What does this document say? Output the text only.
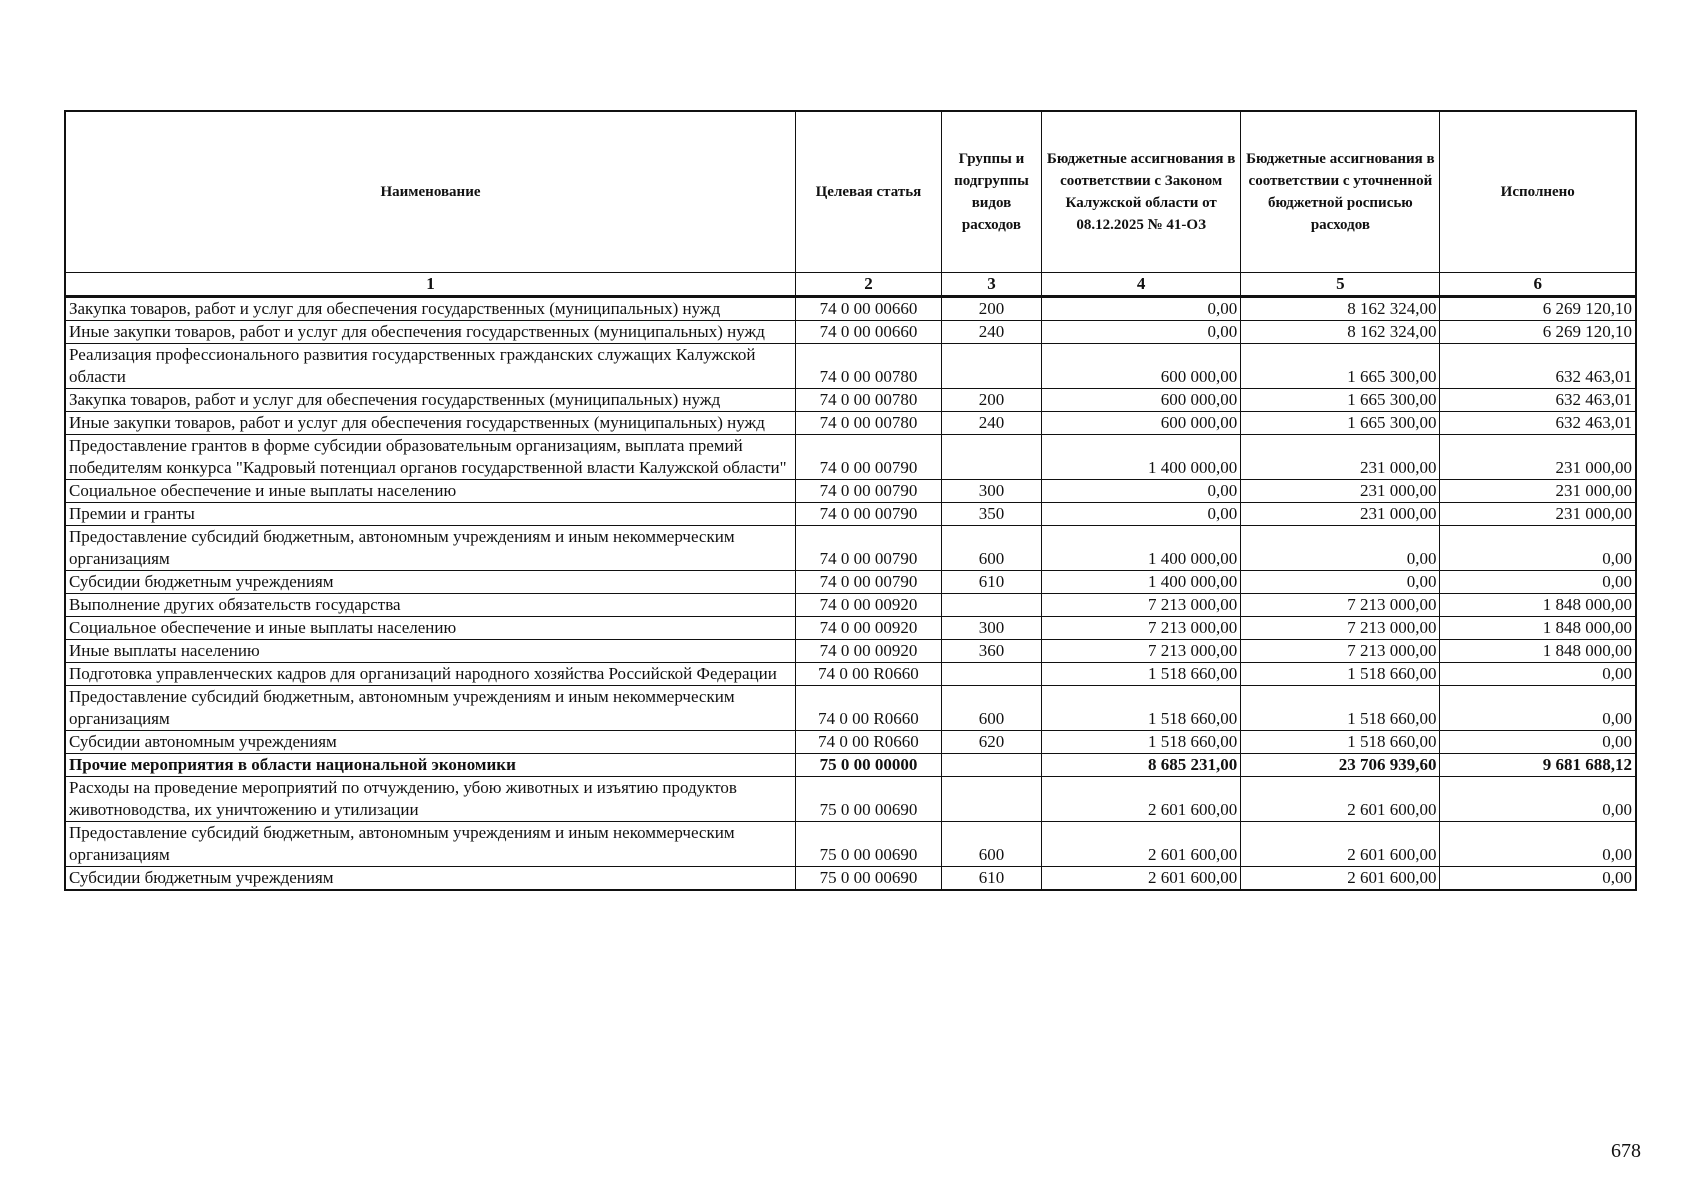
Наименование	Целевая статья	Группы и подгруппы видов расходов	Бюджетные ассигнования в соответствии с Законом Калужской области от 08.12.2025 № 41-ОЗ	Бюджетные ассигнования в соответствии с уточненной бюджетной росписью расходов	Исполнено
1	2	3	4	5	6
Закупка товаров, работ и услуг для обеспечения государственных (муниципальных) нужд	74 0 00 00660	200	0,00	8 162 324,00	6 269 120,10
Иные закупки товаров, работ и услуг для обеспечения государственных (муниципальных) нужд	74 0 00 00660	240	0,00	8 162 324,00	6 269 120,10
Реализация профессионального развития государственных гражданских служащих Калужской области	74 0 00 00780		600 000,00	1 665 300,00	632 463,01
Закупка товаров, работ и услуг для обеспечения государственных (муниципальных) нужд	74 0 00 00780	200	600 000,00	1 665 300,00	632 463,01
Иные закупки товаров, работ и услуг для обеспечения государственных (муниципальных) нужд	74 0 00 00780	240	600 000,00	1 665 300,00	632 463,01
Предоставление грантов в форме субсидии образовательным организациям, выплата премий победителям конкурса "Кадровый потенциал органов государственной власти Калужской области"	74 0 00 00790		1 400 000,00	231 000,00	231 000,00
Социальное обеспечение и иные выплаты населению	74 0 00 00790	300	0,00	231 000,00	231 000,00
Премии и гранты	74 0 00 00790	350	0,00	231 000,00	231 000,00
Предоставление субсидий бюджетным, автономным учреждениям и иным некоммерческим организациям	74 0 00 00790	600	1 400 000,00	0,00	0,00
Субсидии бюджетным учреждениям	74 0 00 00790	610	1 400 000,00	0,00	0,00
Выполнение других обязательств государства	74 0 00 00920		7 213 000,00	7 213 000,00	1 848 000,00
Социальное обеспечение и иные выплаты населению	74 0 00 00920	300	7 213 000,00	7 213 000,00	1 848 000,00
Иные выплаты населению	74 0 00 00920	360	7 213 000,00	7 213 000,00	1 848 000,00
Подготовка управленческих кадров для организаций народного хозяйства Российской Федерации	74 0 00 R0660		1 518 660,00	1 518 660,00	0,00
Предоставление субсидий бюджетным, автономным учреждениям и иным некоммерческим организациям	74 0 00 R0660	600	1 518 660,00	1 518 660,00	0,00
Субсидии автономным учреждениям	74 0 00 R0660	620	1 518 660,00	1 518 660,00	0,00
Прочие мероприятия в области национальной экономики	75 0 00 00000		8 685 231,00	23 706 939,60	9 681 688,12
Расходы на проведение мероприятий по отчуждению, убою животных и изъятию продуктов животноводства, их уничтожению и утилизации	75 0 00 00690		2 601 600,00	2 601 600,00	0,00
Предоставление субсидий бюджетным, автономным учреждениям и иным некоммерческим организациям	75 0 00 00690	600	2 601 600,00	2 601 600,00	0,00
Субсидии бюджетным учреждениям	75 0 00 00690	610	2 601 600,00	2 601 600,00	0,00
678
